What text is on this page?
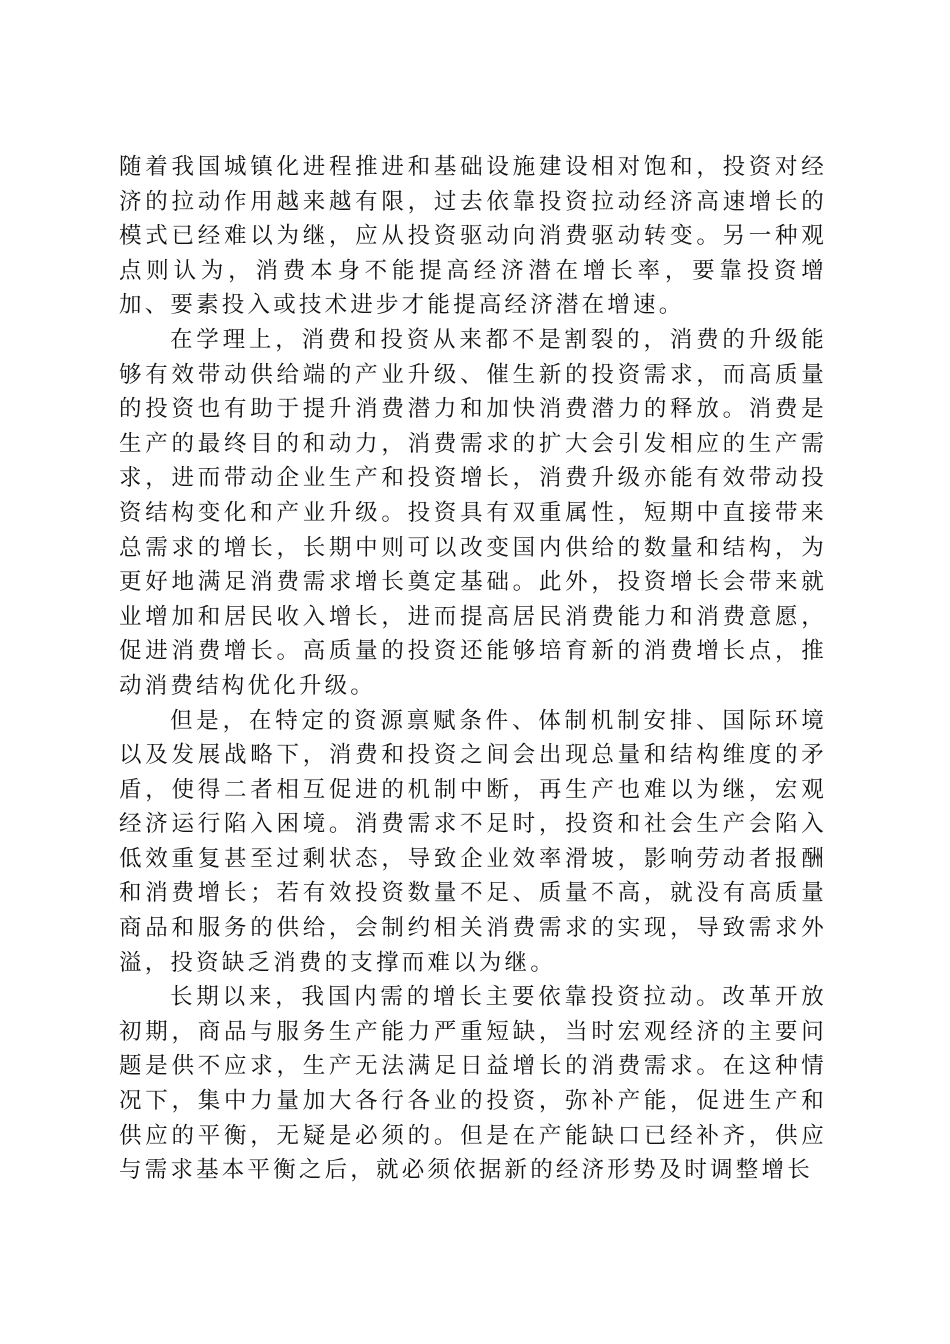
随着我国城镇化进程推进和基础设施建设相对饱和，投资对经济的拉动作用越来越有限，过去依靠投资拉动经济高速增长的模式已经难以为继，应从投资驱动向消费驱动转变。另一种观点则认为，消费本身不能提高经济潜在增长率，要靠投资增加、要素投入或技术进步才能提高经济潜在增速。

在学理上，消费和投资从来都不是割裂的，消费的升级能够有效带动供给端的产业升级、催生新的投资需求，而高质量的投资也有助于提升消费潜力和加快消费潜力的释放。消费是生产的最终目的和动力，消费需求的扩大会引发相应的生产需求，进而带动企业生产和投资增长，消费升级亦能有效带动投资结构变化和产业升级。投资具有双重属性，短期中直接带来总需求的增长，长期中则可以改变国内供给的数量和结构，为更好地满足消费需求增长奠定基础。此外，投资增长会带来就业增加和居民收入增长，进而提高居民消费能力和消费意愿，促进消费增长。高质量的投资还能够培育新的消费增长点，推动消费结构优化升级。

但是，在特定的资源禀赋条件、体制机制安排、国际环境以及发展战略下，消费和投资之间会出现总量和结构维度的矛盾，使得二者相互促进的机制中断，再生产也难以为继，宏观经济运行陷入困境。消费需求不足时，投资和社会生产会陷入低效重复甚至过剩状态，导致企业效率滑坡，影响劳动者报酬和消费增长；若有效投资数量不足、质量不高，就没有高质量商品和服务的供给，会制约相关消费需求的实现，导致需求外溢，投资缺乏消费的支撑而难以为继。

长期以来，我国内需的增长主要依靠投资拉动。改革开放初期，商品与服务生产能力严重短缺，当时宏观经济的主要问题是供不应求，生产无法满足日益增长的消费需求。在这种情况下，集中力量加大各行各业的投资，弥补产能，促进生产和供应的平衡，无疑是必须的。但是在产能缺口已经补齐，供应与需求基本平衡之后，就必须依据新的经济形势及时调整增长
